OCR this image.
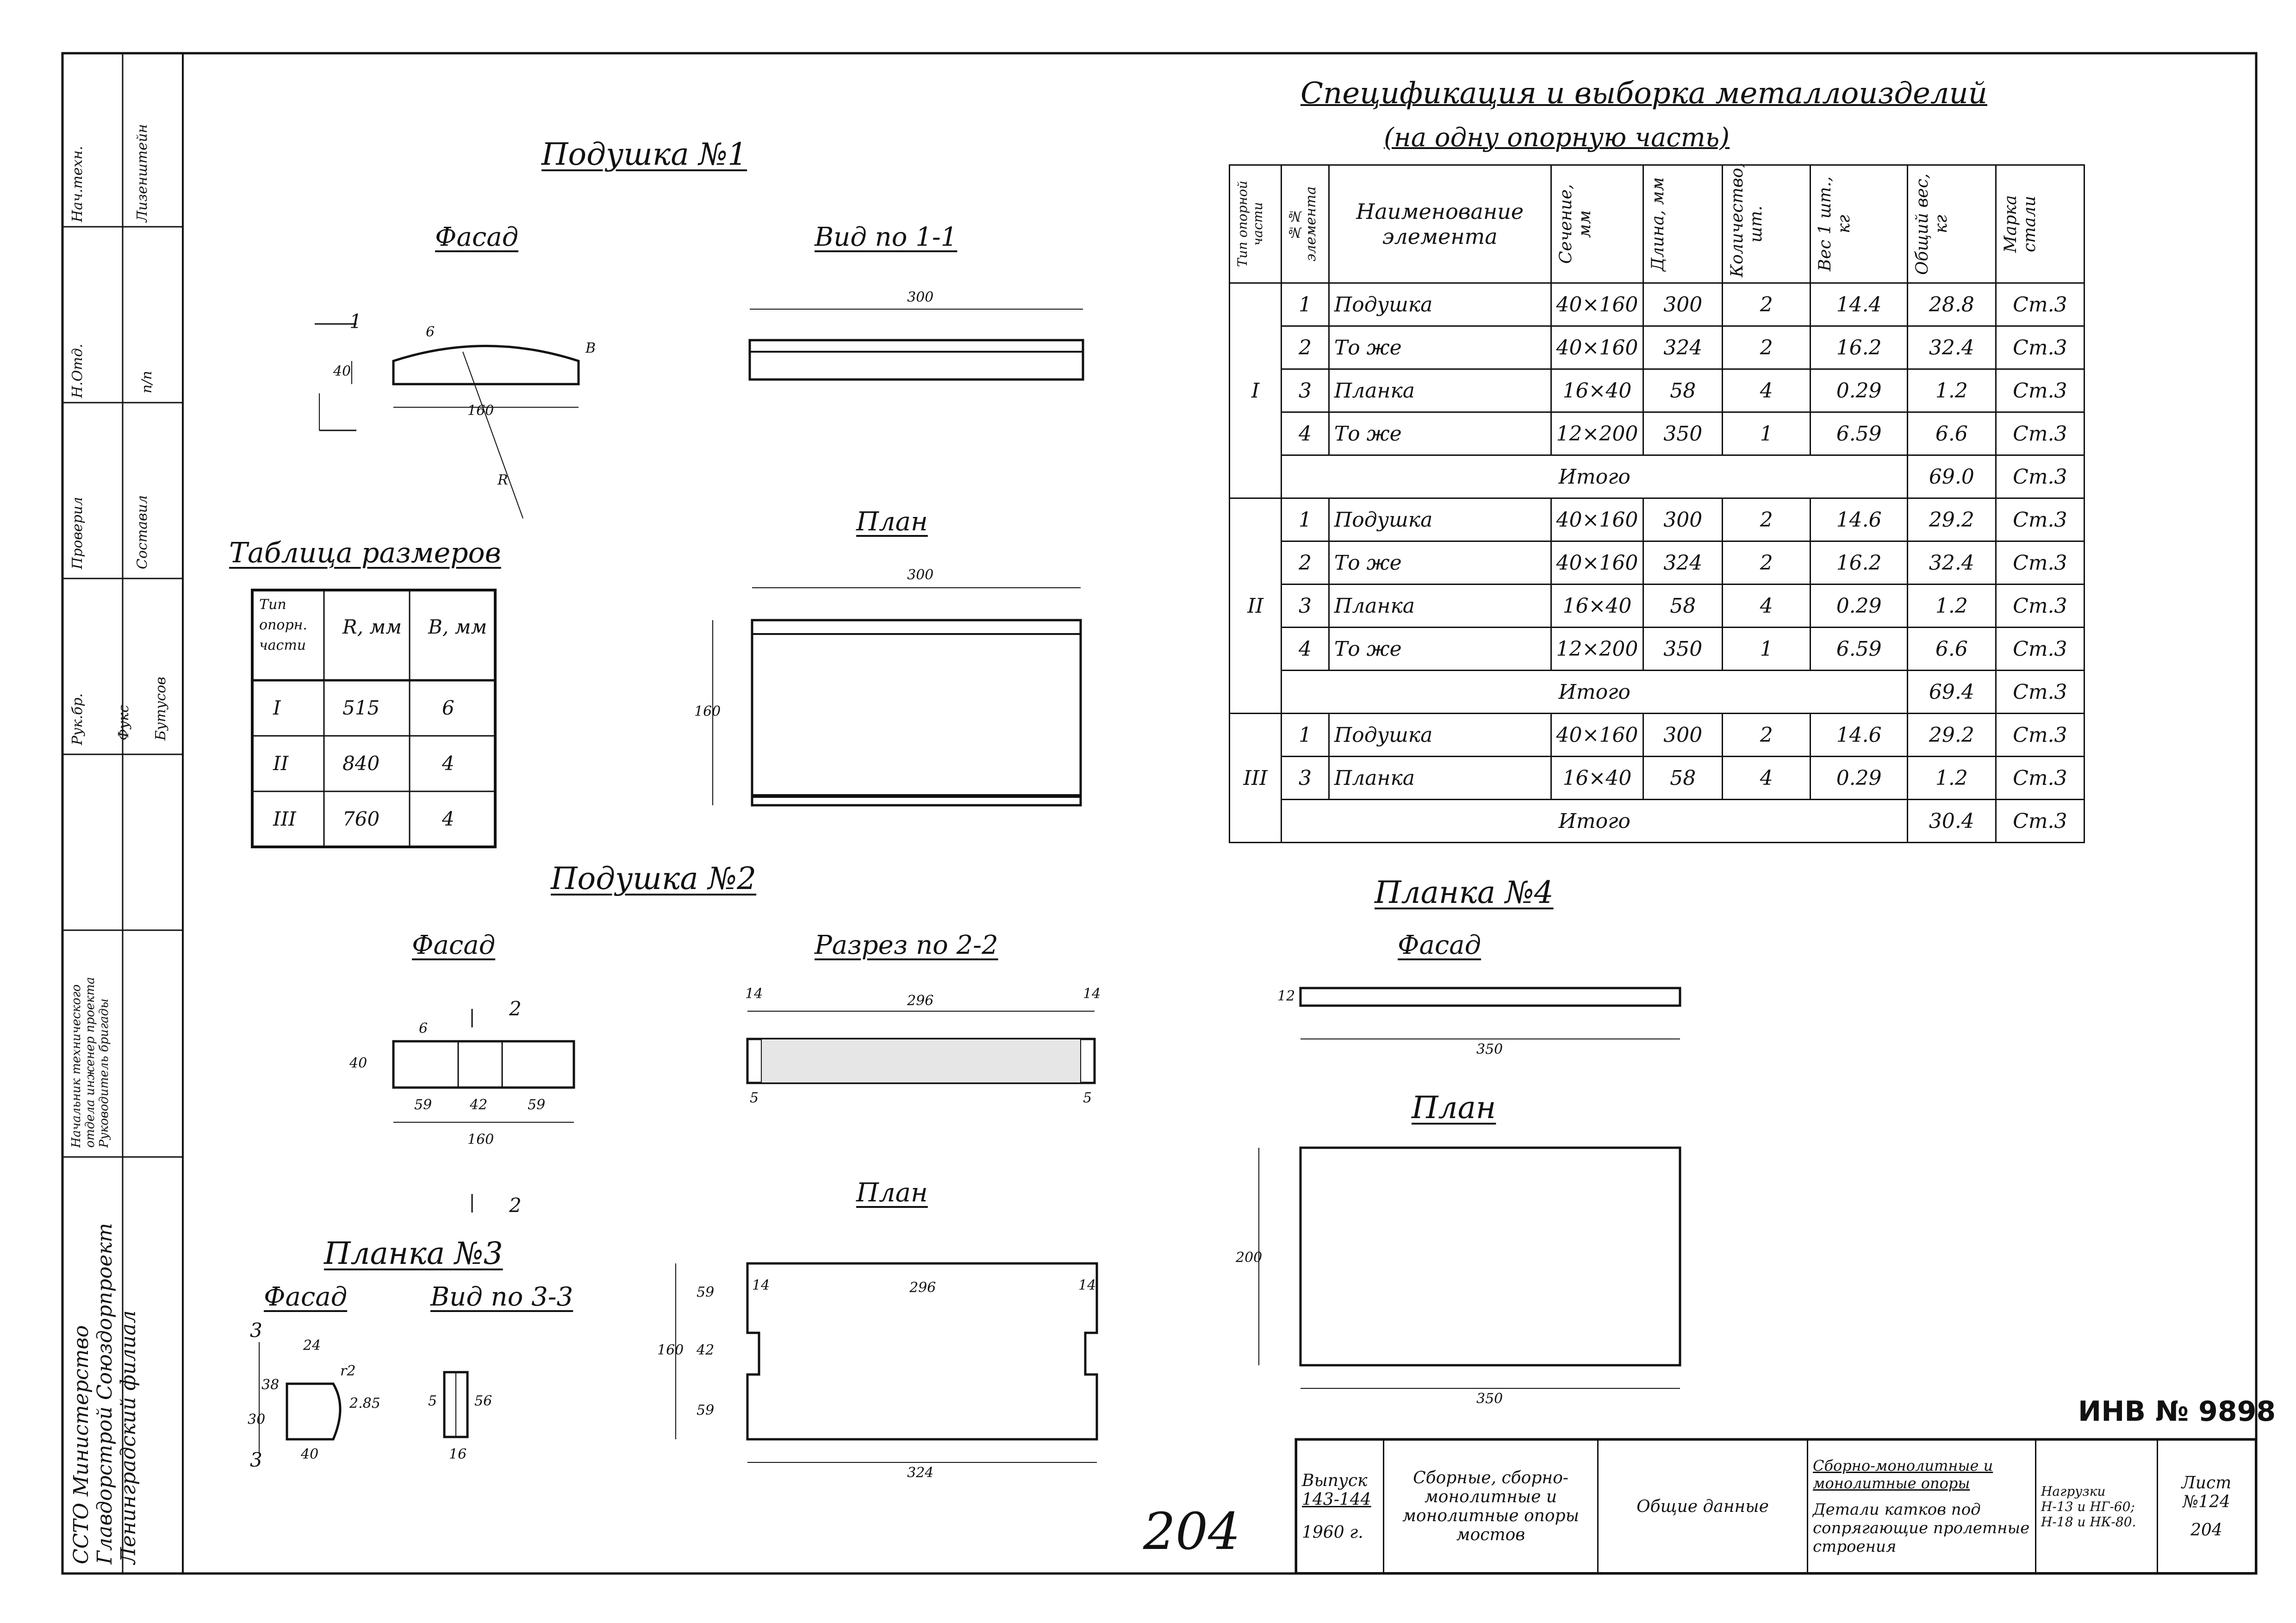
Нач.техн.	Лизенштейн
Н.Отд.	п/п
Проверил	Составил
Рук.бр. Фукс Бутусов
Начальник технического отдела инженер проекта Руководитель бригады
ССТО Министерство Главдорстрой Союздорпроект Ленинградский филиал
Подушка №1
Фасад	Вид по 1-1
План
160
40
300
B
R
300
160
1	6
Таблица размеров
Тип опорн. части
R, мм B, мм
I	515	6
II	840	4
III 760	4
Подушка №2
Фасад	Разрез по 2-2
План
40
59	42	59
160
296
14	14
5	5
6
2
2
324
296
160
59
42
59
14	14
Планка №3
Фасад	Вид по 3-3
24
40
38
30
16
5	56
r2
2.85
3
3
Планка №4
Фасад
План
12
350
200
350
Спецификация и выборка металлоизделий
(на одну опорную часть)
Тип опорной части	№№ элемента	Наименование элемента	Сечение, мм	Длина, мм	Количество, шт.	Вес 1 шт., кг	Общий вес, кг	Марка стали

I	1	Подушка	40×160	300	2	14.4	28.8	Ст.3
	2	То же	40×160	324	2	16.2	32.4	Ст.3
	3	Планка	16×40	58	4	0.29	1.2	Ст.3
	4	То же	12×200	350	1	6.59	6.6	Ст.3
	Итого						69.0	Ст.3
II	1	Подушка	40×160	300	2	14.6	29.2	Ст.3
	2	То же	40×160	324	2	16.2	32.4	Ст.3
	3	Планка	16×40	58	4	0.29	1.2	Ст.3
	4	То же	12×200	350	1	6.59	6.6	Ст.3
	Итого						69.4	Ст.3
III	1	Подушка	40×160	300	2	14.6	29.2	Ст.3
	3	Планка	16×40	58	4	0.29	1.2	Ст.3
	Итого						30.4	Ст.3
ИНВ № 9898
204
Выпуск
143-144
1960 г.
	Сборные, сборно-монолитные и монолитные опоры мостов	Общие данные	
Сборно-монолитные и монолитные опоры
Детали катков под сопрягающие пролетные строения

Нагрузки
Н-13 и НГ-60;
Н-18 и НК-80.

Лист
№124
204
